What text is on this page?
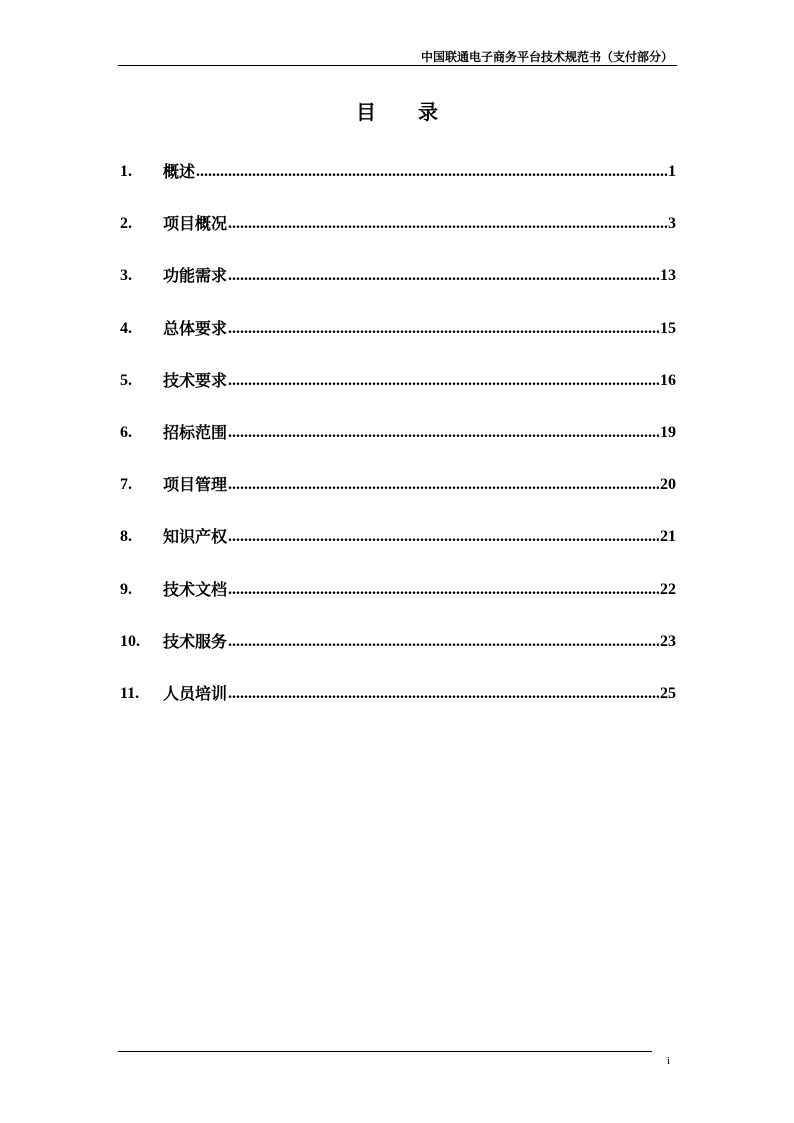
中国联通电子商务平台技术规范书（支付部分）
目录
1.	概述 .....	1
2.	项目概况 .....	3
3.	功能需求 .....	13
4.	总体要求 .....	15
5.	技术要求 .....	16
6.	招标范围 .....	19
7.	项目管理 .....	20
8.	知识产权 .....	21
9.	技术文档 .....	22
10.	技术服务 .....	23
11.	人员培训 .....	25
i
